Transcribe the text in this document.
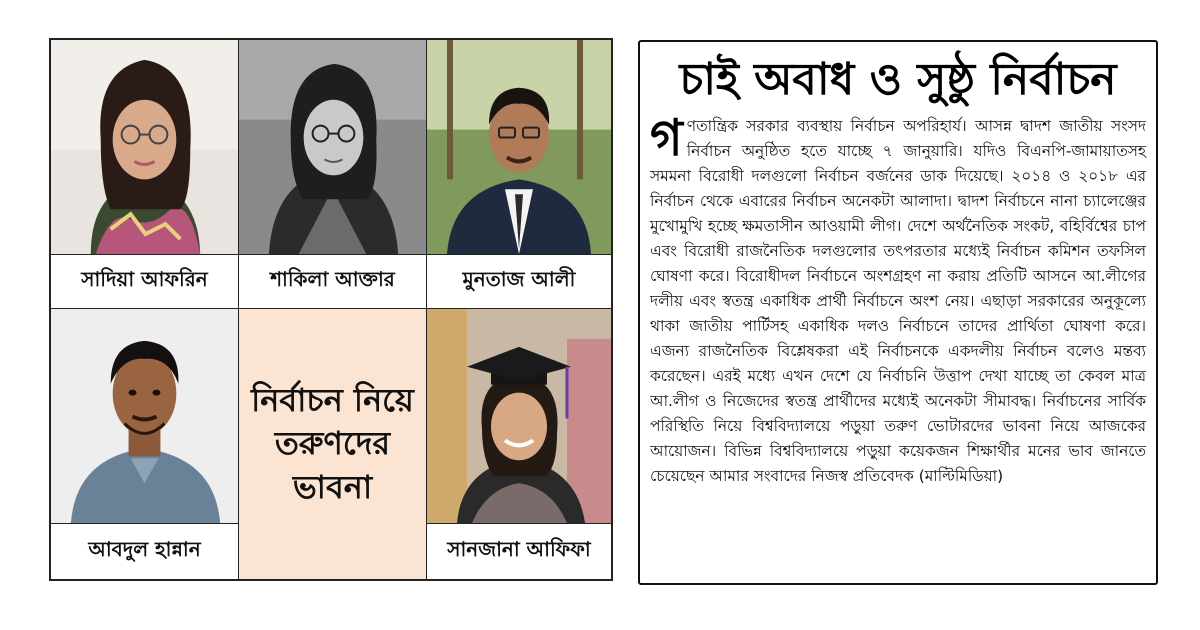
সাদিয়া আফরিন	শাকিলা আক্তার	মুনতাজ আলী
নির্বাচন নিয়ে
তরুণদের
ভাবনা
আবদুল হান্নান	সানজানা আফিফা
চাই অবাধ ও সুষ্ঠু নির্বাচন
গণতান্ত্রিক সরকার ব্যবস্থায় নির্বাচন অপরিহার্য। আসন্ন দ্বাদশ জাতীয় সংসদ নির্বাচন অনুষ্ঠিত হতে যাচ্ছে ৭ জানুয়ারি। যদিও বিএনপি-জামায়াতসহ সমমনা বিরোধী দলগুলো নির্বাচন বর্জনের ডাক দিয়েছে। ২০১৪ ও ২০১৮ এর নির্বাচন থেকে এবারের নির্বাচন অনেকটা আলাদা। দ্বাদশ নির্বাচনে নানা চ্যালেঞ্জের মুখোমুখি হচ্ছে ক্ষমতাসীন আওয়ামী লীগ। দেশে অর্থনৈতিক সংকট, বহির্বিশ্বের চাপ এবং বিরোধী রাজনৈতিক দলগুলোর তৎপরতার মধ্যেই নির্বাচন কমিশন তফসিল ঘোষণা করে। বিরোধীদল নির্বাচনে অংশগ্রহণ না করায় প্রতিটি আসনে আ.লীগের দলীয় এবং স্বতন্ত্র একাধিক প্রার্থী নির্বাচনে অংশ নেয়। এছাড়া সরকারের অনুকূল্যে থাকা জাতীয় পার্টিসহ একাধিক দলও নির্বাচনে তাদের প্রার্থিতা ঘোষণা করে। এজন্য রাজনৈতিক বিশ্লেষকরা এই নির্বাচনকে একদলীয় নির্বাচন বলেও মন্তব্য করেছেন। এরই মধ্যে এখন দেশে যে নির্বাচনি উত্তাপ দেখা যাচ্ছে তা কেবল মাত্র আ.লীগ ও নিজেদের স্বতন্ত্র প্রার্থীদের মধ্যেই অনেকটা সীমাবদ্ধ। নির্বাচনের সার্বিক পরিস্থিতি নিয়ে বিশ্ববিদ্যালয়ে পড়ুয়া তরুণ ভোটারদের ভাবনা নিয়ে আজকের আয়োজন। বিভিন্ন বিশ্ববিদ্যালয়ে পড়ুয়া কয়েকজন শিক্ষার্থীর মনের ভাব জানতে চেয়েছেন আমার সংবাদের নিজস্ব প্রতিবেদক (মাল্টিমিডিয়া)
